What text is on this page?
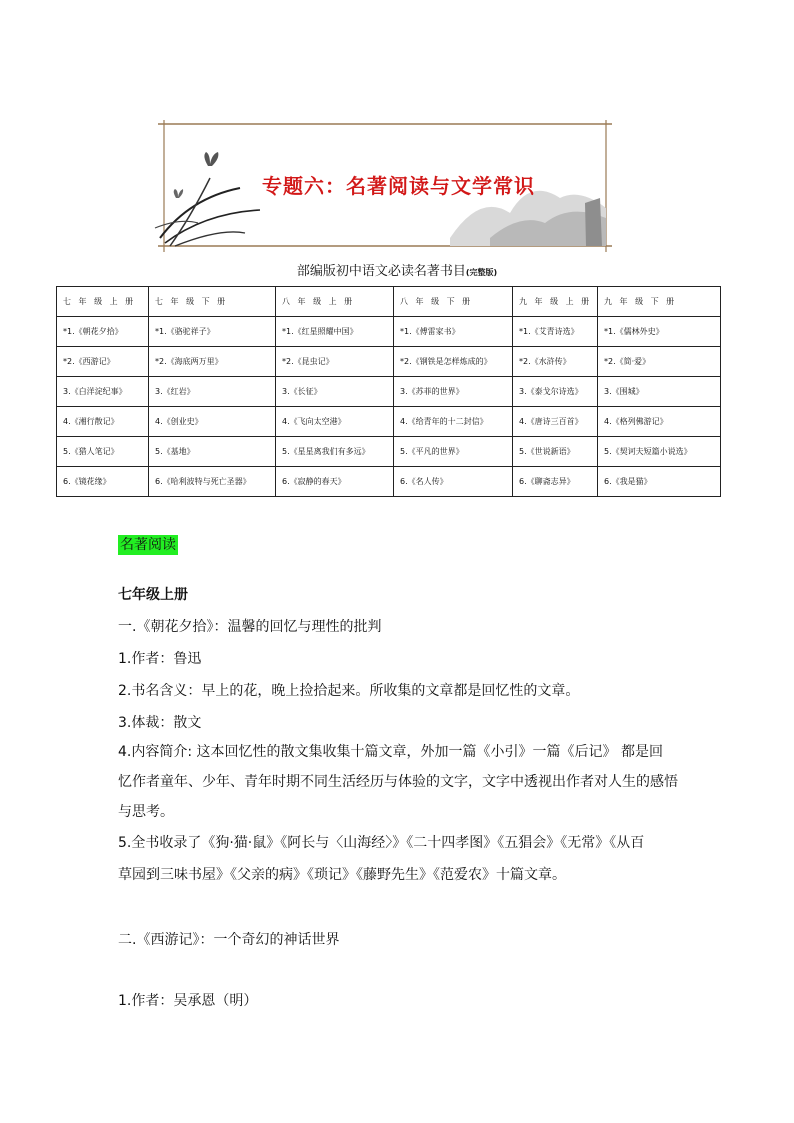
专题六：名著阅读与文学常识
部编版初中语文必读名著书目(完整版)
七 年 级 上 册	七 年 级 下 册	八 年 级 上 册	八 年 级 下 册	九 年 级 上 册	九 年 级 下 册
*1.《朝花夕拾》	*1.《骆驼祥子》	*1.《红星照耀中国》	*1.《傅雷家书》	*1.《艾青诗选》	*1.《儒林外史》
*2.《西游记》	*2.《海底两万里》	*2.《昆虫记》	*2.《钢铁是怎样炼成的》	*2.《水浒传》	*2.《简·爱》
3.《白洋淀纪事》	3.《红岩》	3.《长征》	3.《苏菲的世界》	3.《泰戈尔诗选》	3.《围城》
4.《湘行散记》	4.《创业史》	4.《飞向太空港》	4.《给青年的十二封信》	4.《唐诗三百首》	4.《格列佛游记》
5.《猎人笔记》	5.《基地》	5.《星星离我们有多远》	5.《平凡的世界》	5.《世说新语》	5.《契诃夫短篇小说选》
6.《镜花缘》	6.《哈利波特与死亡圣器》	6.《寂静的春天》	6.《名人传》	6.《聊斋志异》	6.《我是猫》
名著阅读
七年级上册
一.《朝花夕拾》：温馨的回忆与理性的批判
1.作者：鲁迅
2.书名含义：早上的花，晚上捡拾起来。所收集的文章都是回忆性的文章。
3.体裁：散文
4.内容简介: 这本回忆性的散文集收集十篇文章，外加一篇《小引》一篇《后记》 都是回
忆作者童年、少年、青年时期不同生活经历与体验的文字，文字中透视出作者对人生的感悟
与思考。
5.全书收录了《狗·猫·鼠》《阿长与〈山海经〉》《二十四孝图》《五猖会》《无常》《从百
草园到三味书屋》《父亲的病》《琐记》《藤野先生》《范爱农》十篇文章。
二.《西游记》：一个奇幻的神话世界
1.作者：吴承恩（明）
